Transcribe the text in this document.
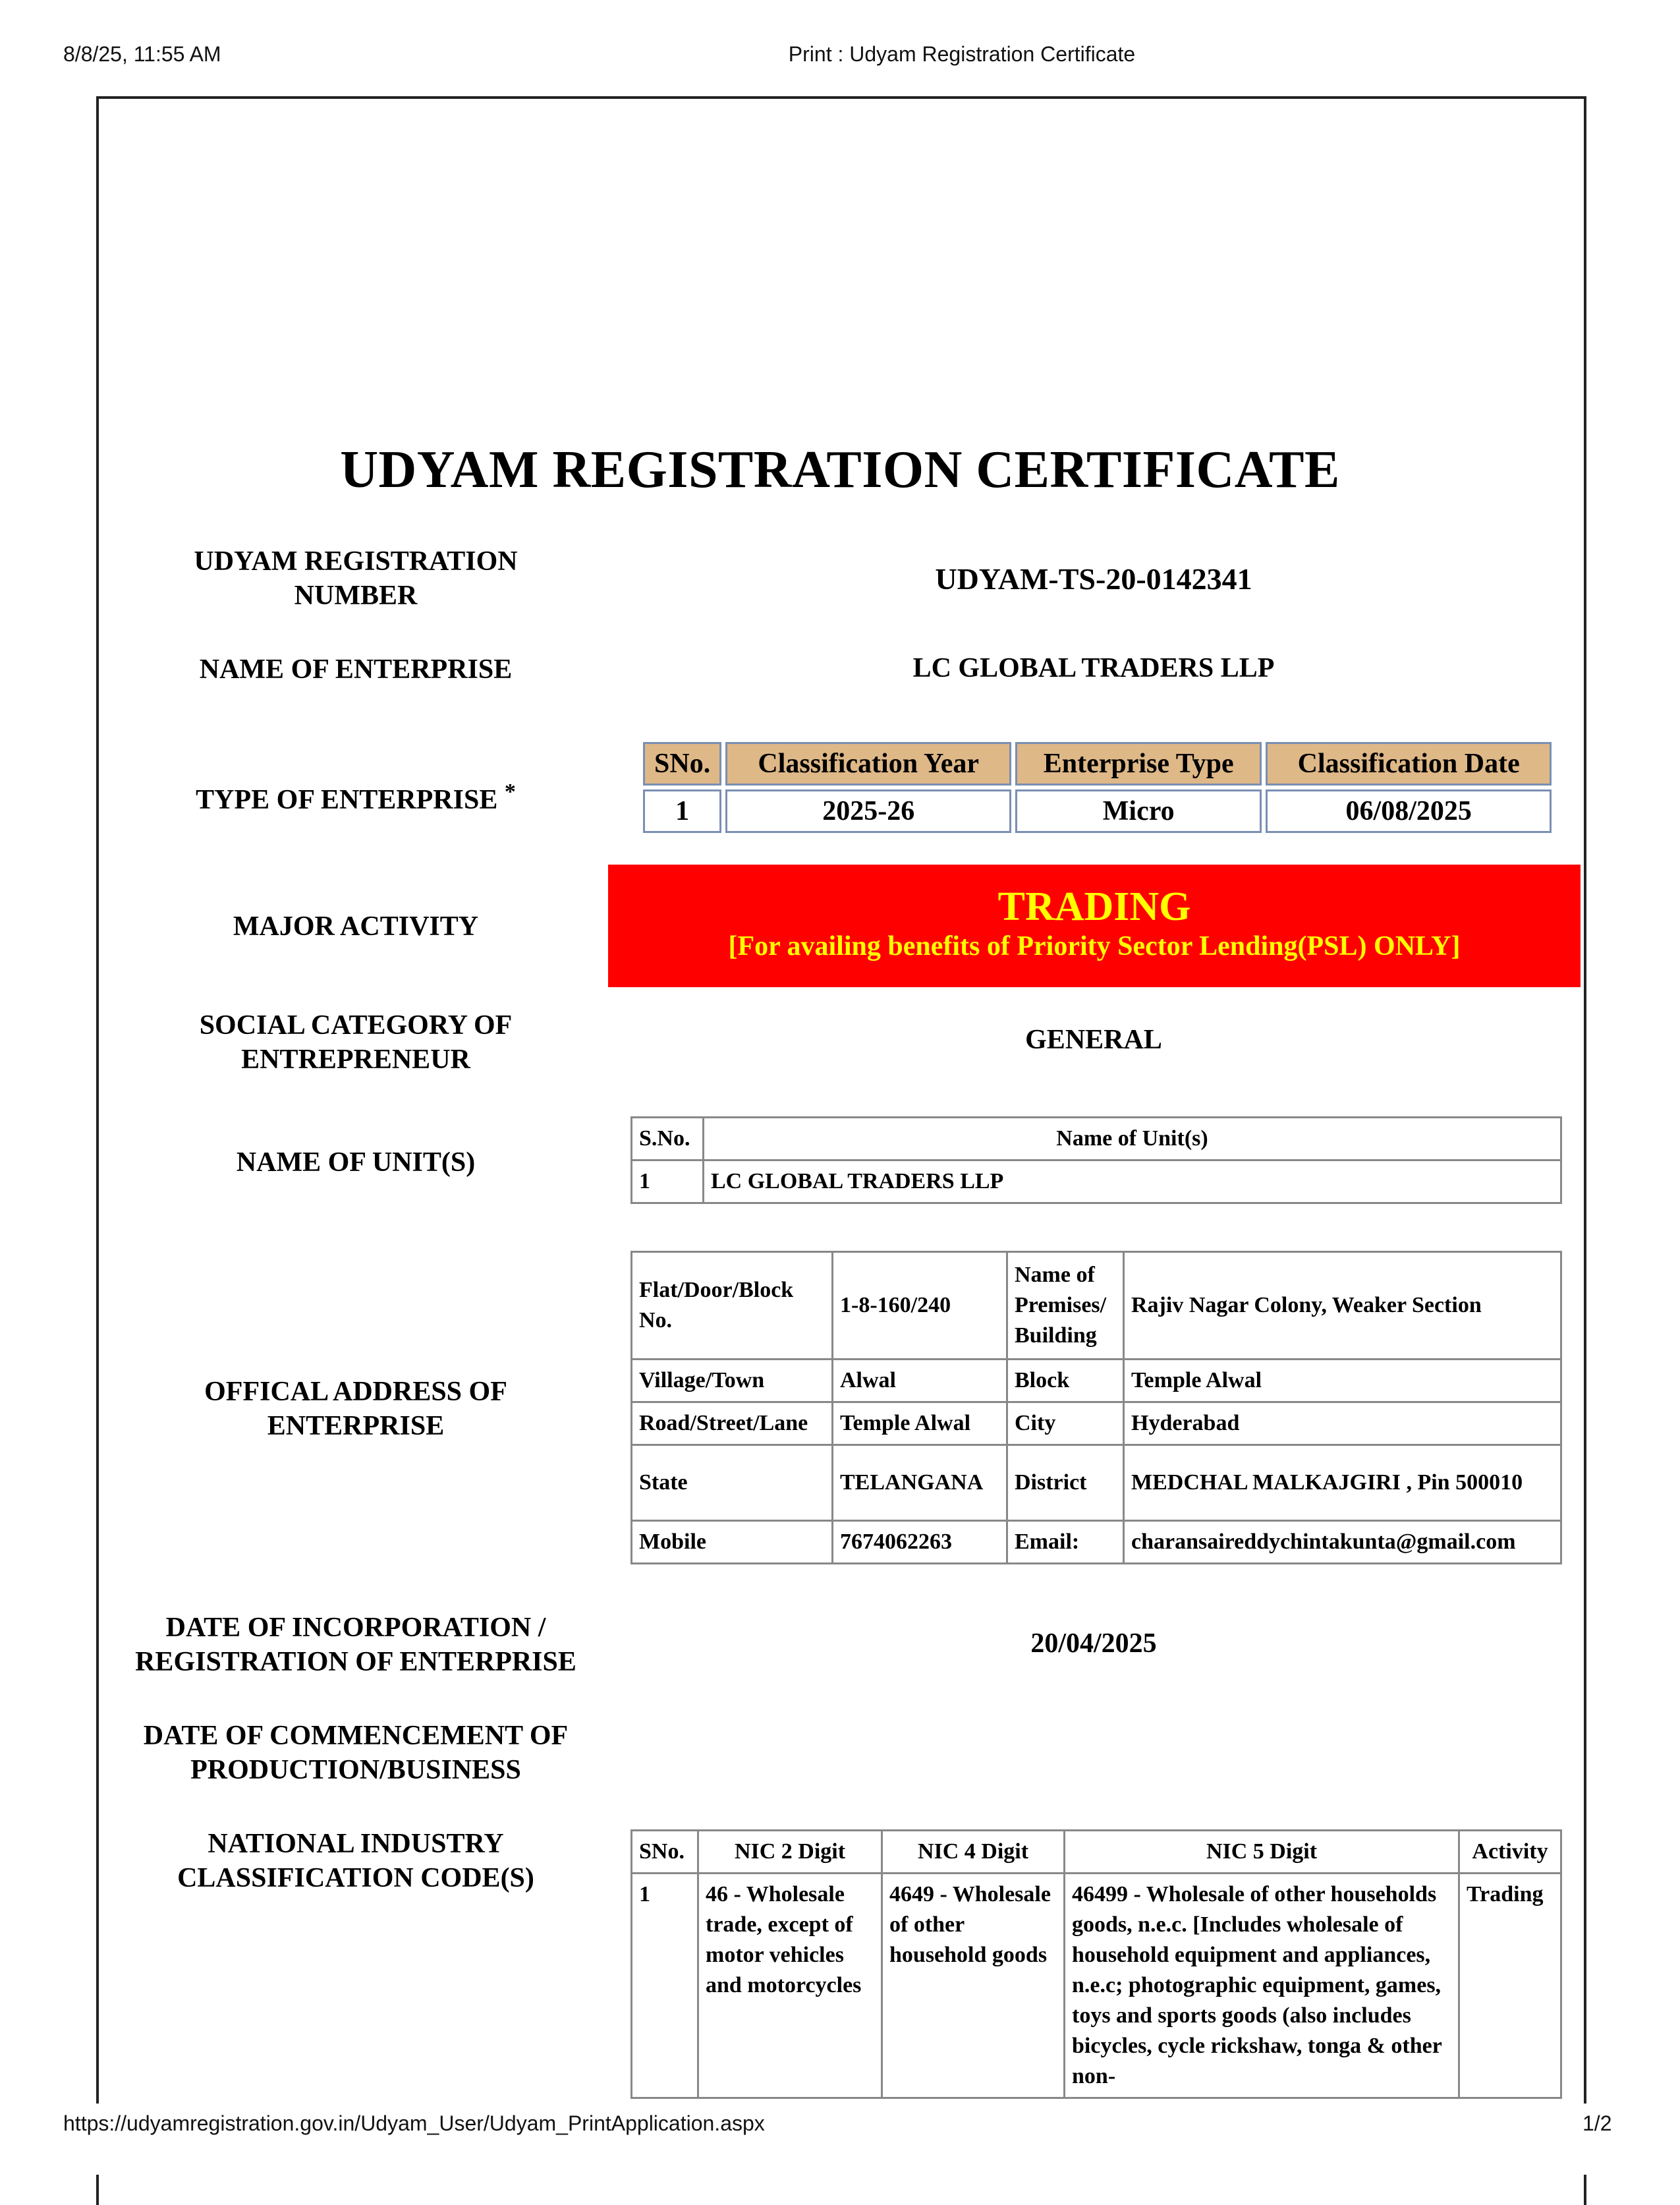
8/8/25, 11:55 AM	Print : Udyam Registration Certificate
UDYAM REGISTRATION CERTIFICATE
UDYAM REGISTRATION
NUMBER	UDYAM-TS-20-0142341
NAME OF ENTERPRISE	LC GLOBAL TRADERS LLP
TYPE OF ENTERPRISE *
SNo.	Classification Year	Enterprise Type	Classification Date
1	2025-26	Micro	06/08/2025
MAJOR ACTIVITY	TRADING
[For availing benefits of Priority Sector Lending(PSL) ONLY]
SOCIAL CATEGORY OF
ENTREPRENEUR
GENERAL
NAME OF UNIT(S)
S.No.	Name of Unit(s)
1	LC GLOBAL TRADERS LLP
OFFICAL ADDRESS OF
ENTERPRISE
Flat/Door/Block No.	1-8-160/240	Name of Premises/ Building	Rajiv Nagar Colony, Weaker Section
Village/Town	Alwal	Block	Temple Alwal
Road/Street/Lane	Temple Alwal	City	Hyderabad
State	TELANGANA	District	MEDCHAL MALKAJGIRI , Pin 500010
Mobile	7674062263	Email:	charansaireddychintakunta@gmail.com
DATE OF INCORPORATION /
REGISTRATION OF ENTERPRISE
20/04/2025
DATE OF COMMENCEMENT OF
PRODUCTION/BUSINESS
NATIONAL INDUSTRY
CLASSIFICATION CODE(S)
SNo.	NIC 2 Digit	NIC 4 Digit	NIC 5 Digit	Activity
1	46 - Wholesale trade, except of motor vehicles and motorcycles	4649 - Wholesale of other household goods	46499 - Wholesale of other households goods, n.e.c. [Includes wholesale of household equipment and appliances, n.e.c; photographic equipment, games, toys and sports goods (also includes bicycles, cycle rickshaw, tonga & other non-	Trading
https://udyamregistration.gov.in/Udyam_User/Udyam_PrintApplication.aspx	1/2
